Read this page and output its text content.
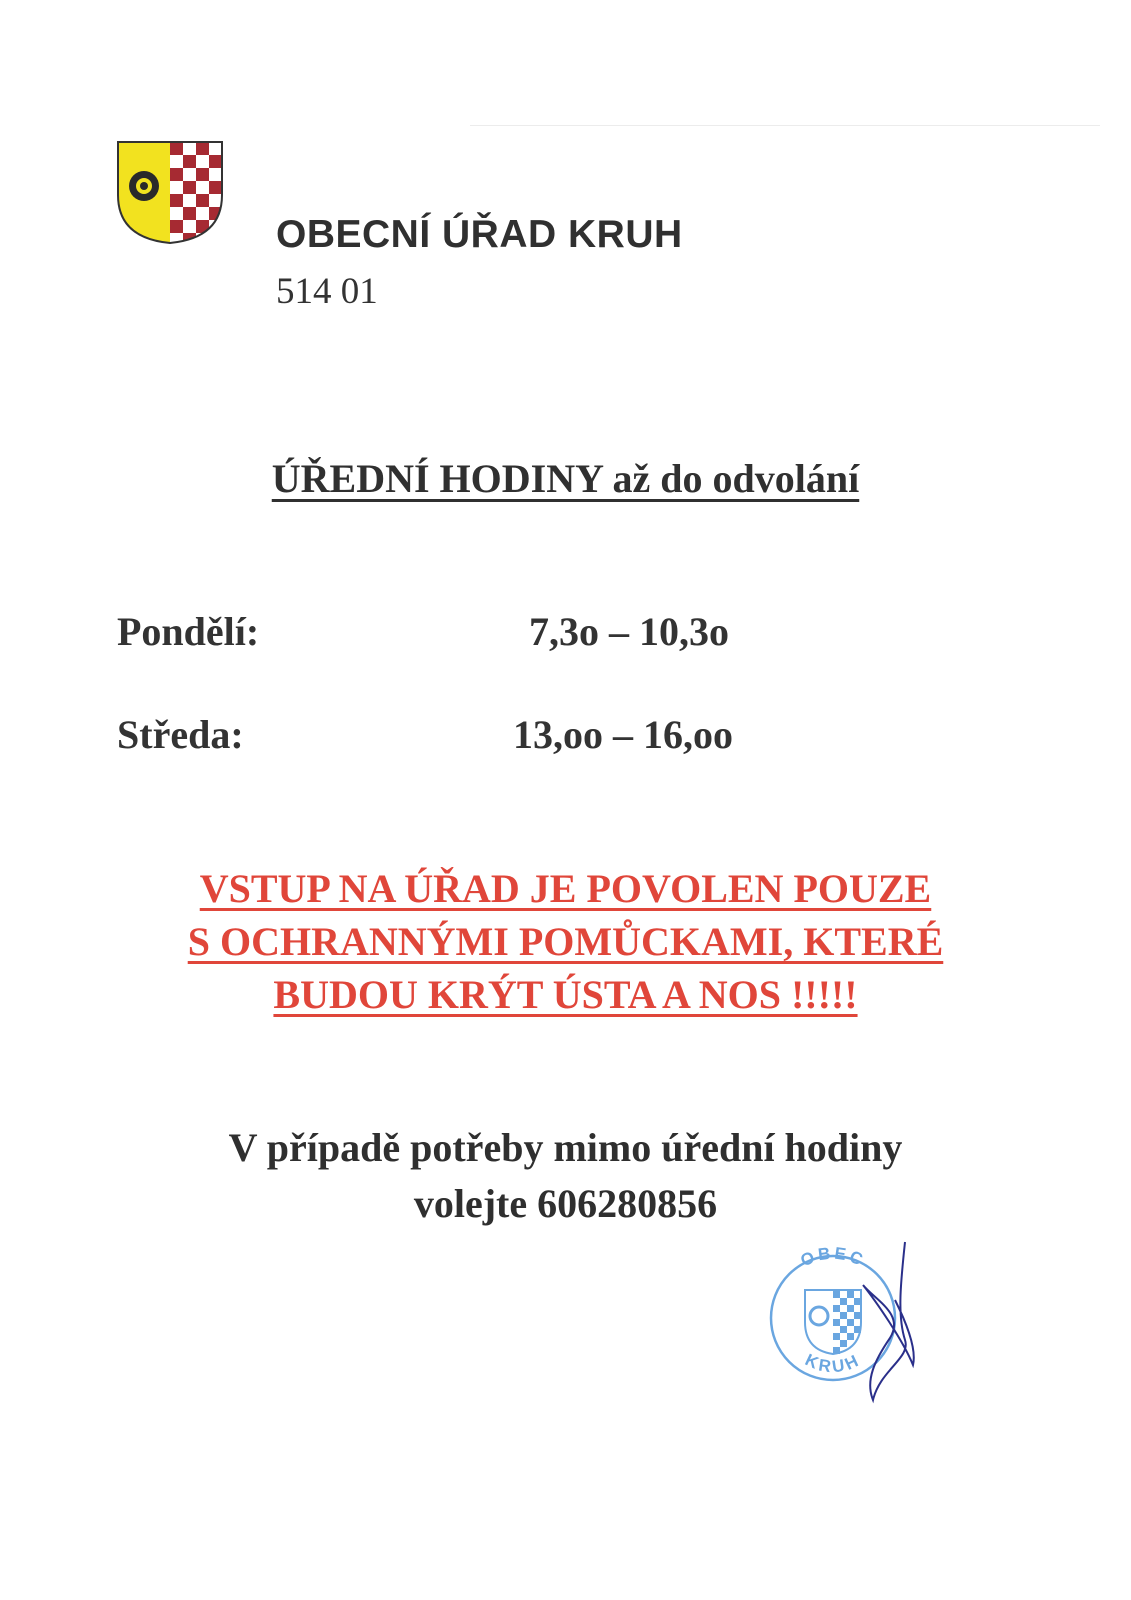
OBECNÍ ÚŘAD KRUH
514 01
ÚŘEDNÍ HODINY až do odvolání
Pondělí:	7,3o – 10,3o
Středa:	13,oo – 16,oo
VSTUP NA ÚŘAD JE POVOLEN POUZE
S OCHRANNÝMI POMŮCKAMI, KTERÉ
BUDOU KRÝT ÚSTA A NOS !!!!!
V případě potřeby mimo úřední hodiny
volejte 606280856
OBEC
KRUH
